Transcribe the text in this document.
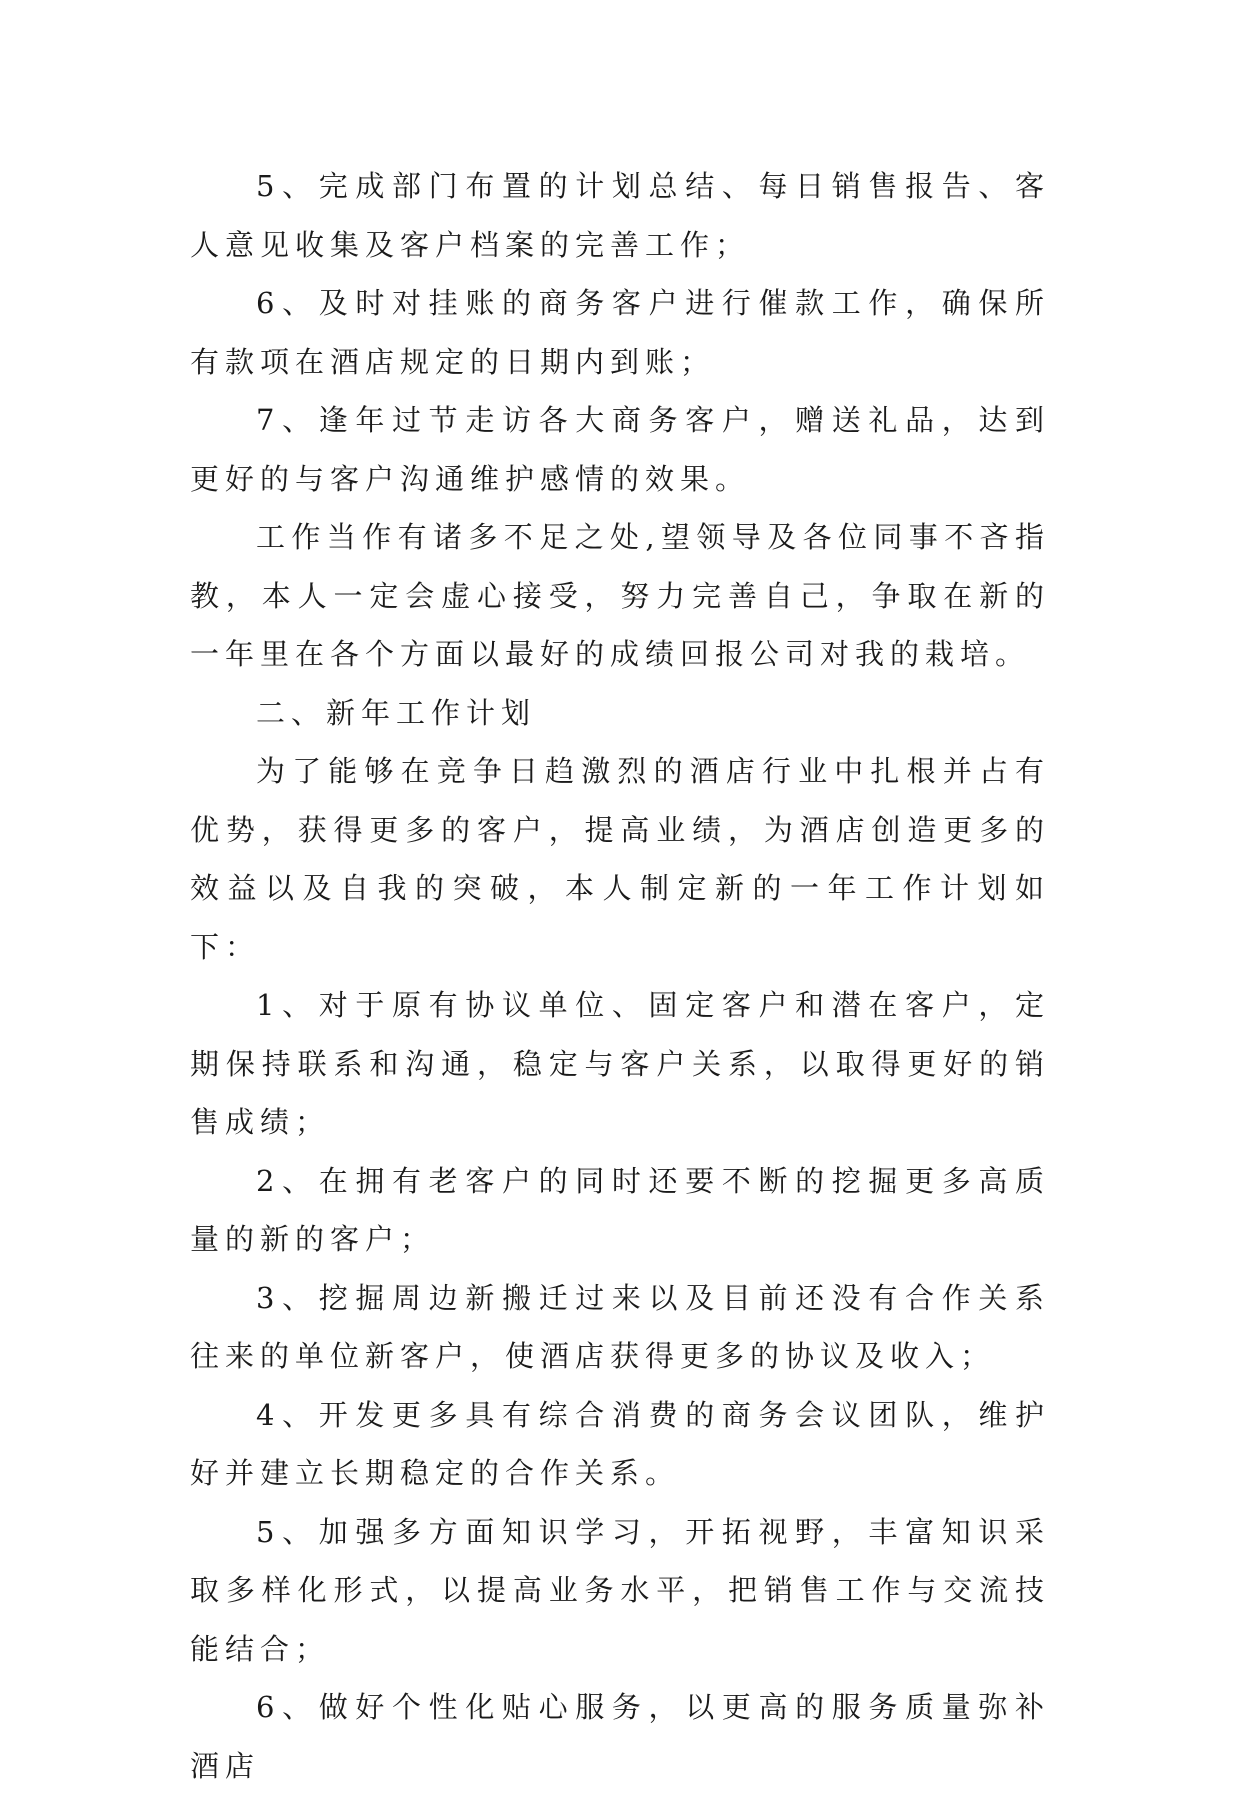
5、完成部门布置的计划总结、每日销售报告、客人意见收集及客户档案的完善工作；

6、及时对挂账的商务客户进行催款工作，确保所有款项在酒店规定的日期内到账；

7、逢年过节走访各大商务客户，赠送礼品，达到更好的与客户沟通维护感情的效果。

工作当作有诸多不足之处,望领导及各位同事不吝指教，本人一定会虚心接受，努力完善自己，争取在新的一年里在各个方面以最好的成绩回报公司对我的栽培。

二、新年工作计划

为了能够在竞争日趋激烈的酒店行业中扎根并占有优势，获得更多的客户，提高业绩，为酒店创造更多的效益以及自我的突破，本人制定新的一年工作计划如下：

1、对于原有协议单位、固定客户和潜在客户，定期保持联系和沟通，稳定与客户关系，以取得更好的销售成绩；

2、在拥有老客户的同时还要不断的挖掘更多高质量的新的客户；

3、挖掘周边新搬迁过来以及目前还没有合作关系往来的单位新客户，使酒店获得更多的协议及收入；

4、开发更多具有综合消费的商务会议团队，维护好并建立长期稳定的合作关系。

5、加强多方面知识学习，开拓视野，丰富知识采取多样化形式，以提高业务水平，把销售工作与交流技能结合；

6、做好个性化贴心服务，以更高的服务质量弥补酒店
